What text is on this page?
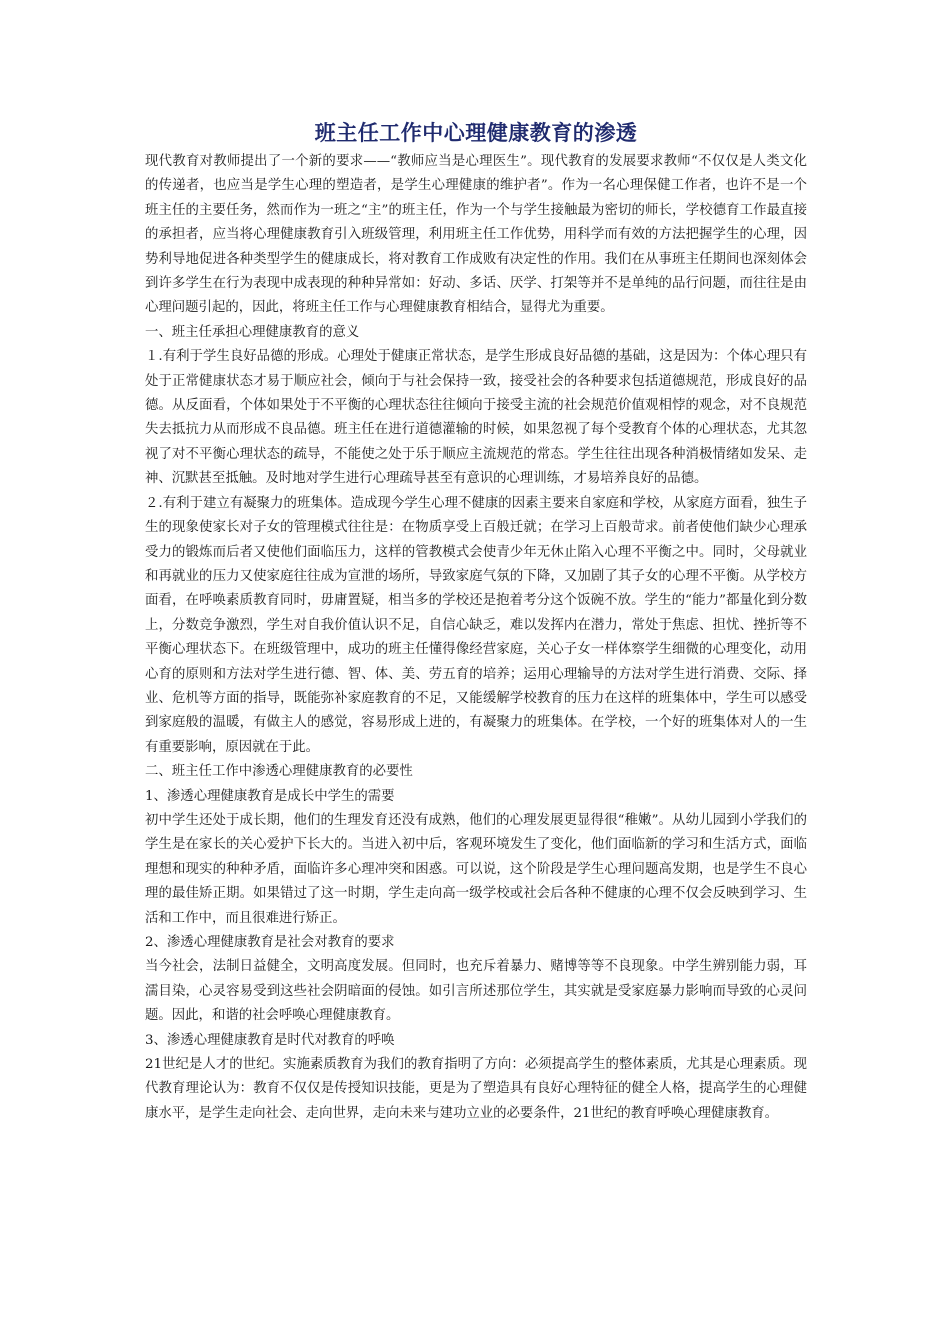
班主任工作中心理健康教育的渗透

现代教育对教师提出了一个新的要求——“教师应当是心理医生”。现代教育的发展要求教师“不仅仅是人类文化的传递者，也应当是学生心理的塑造者，是学生心理健康的维护者”。作为一名心理保健工作者，也许不是一个班主任的主要任务，然而作为一班之“主”的班主任，作为一个与学生接触最为密切的师长，学校德育工作最直接的承担者，应当将心理健康教育引入班级管理，利用班主任工作优势，用科学而有效的方法把握学生的心理，因势利导地促进各种类型学生的健康成长，将对教育工作成败有决定性的作用。我们在从事班主任期间也深刻体会到许多学生在行为表现中成表现的种种异常如：好动、多话、厌学、打架等并不是单纯的品行问题，而往往是由心理问题引起的，因此，将班主任工作与心理健康教育相结合，显得尤为重要。

一、班主任承担心理健康教育的意义

１.有利于学生良好品德的形成。心理处于健康正常状态，是学生形成良好品德的基础，这是因为：个体心理只有处于正常健康状态才易于顺应社会，倾向于与社会保持一致，接受社会的各种要求包括道德规范，形成良好的品德。从反面看，个体如果处于不平衡的心理状态往往倾向于接受主流的社会规范价值观相悖的观念，对不良规范失去抵抗力从而形成不良品德。班主任在进行道德灌输的时候，如果忽视了每个受教育个体的心理状态，尤其忽视了对不平衡心理状态的疏导，不能使之处于乐于顺应主流规范的常态。学生往往出现各种消极情绪如发呆、走神、沉默甚至抵触。及时地对学生进行心理疏导甚至有意识的心理训练，才易培养良好的品德。

２.有利于建立有凝聚力的班集体。造成现今学生心理不健康的因素主要来自家庭和学校，从家庭方面看，独生子生的现象使家长对子女的管理模式往往是：在物质享受上百般迁就；在学习上百般苛求。前者使他们缺少心理承受力的锻炼而后者又使他们面临压力，这样的管教模式会使青少年无休止陷入心理不平衡之中。同时，父母就业和再就业的压力又使家庭往往成为宣泄的场所，导致家庭气氛的下降，又加剧了其子女的心理不平衡。从学校方面看，在呼唤素质教育同时，毋庸置疑，相当多的学校还是抱着考分这个饭碗不放。学生的“能力”都量化到分数上，分数竞争激烈，学生对自我价值认识不足，自信心缺乏，难以发挥内在潜力，常处于焦虑、担忧、挫折等不平衡心理状态下。在班级管理中，成功的班主任懂得像经营家庭，关心子女一样体察学生细微的心理变化，动用心育的原则和方法对学生进行德、智、体、美、劳五育的培养；运用心理输导的方法对学生进行消费、交际、择业、危机等方面的指导，既能弥补家庭教育的不足，又能缓解学校教育的压力在这样的班集体中，学生可以感受到家庭般的温暖，有做主人的感觉，容易形成上进的，有凝聚力的班集体。在学校，一个好的班集体对人的一生有重要影响，原因就在于此。

二、班主任工作中渗透心理健康教育的必要性

1、渗透心理健康教育是成长中学生的需要

初中学生还处于成长期，他们的生理发育还没有成熟，他们的心理发展更显得很“稚嫩”。从幼儿园到小学我们的学生是在家长的关心爱护下长大的。当进入初中后，客观环境发生了变化，他们面临新的学习和生活方式，面临理想和现实的种种矛盾，面临许多心理冲突和困惑。可以说，这个阶段是学生心理问题高发期，也是学生不良心理的最佳矫正期。如果错过了这一时期，学生走向高一级学校或社会后各种不健康的心理不仅会反映到学习、生活和工作中，而且很难进行矫正。

2、渗透心理健康教育是社会对教育的要求

当今社会，法制日益健全，文明高度发展。但同时，也充斥着暴力、赌博等等不良现象。中学生辨别能力弱，耳濡目染，心灵容易受到这些社会阴暗面的侵蚀。如引言所述那位学生，其实就是受家庭暴力影响而导致的心灵问题。因此，和谐的社会呼唤心理健康教育。

3、渗透心理健康教育是时代对教育的呼唤

21世纪是人才的世纪。实施素质教育为我们的教育指明了方向：必须提高学生的整体素质，尤其是心理素质。现代教育理论认为：教育不仅仅是传授知识技能，更是为了塑造具有良好心理特征的健全人格，提高学生的心理健康水平，是学生走向社会、走向世界，走向未来与建功立业的必要条件，21世纪的教育呼唤心理健康教育。
